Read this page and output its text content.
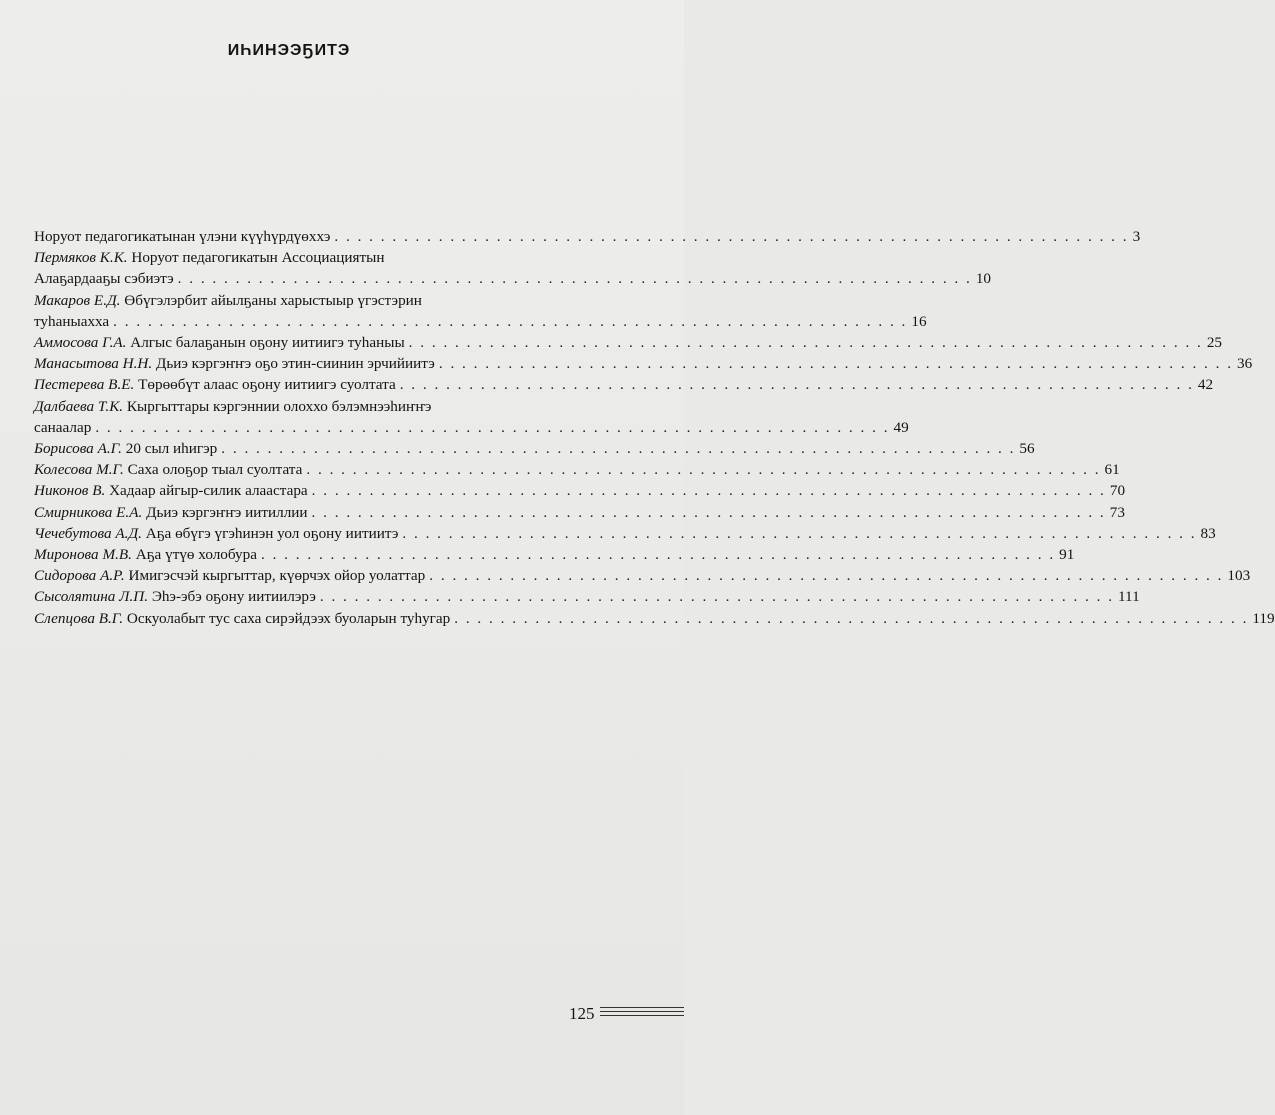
ИҺИНЭЭҔИТЭ
Норуот педагогикатынан үлэни күүһүрдүөххэ . . . . . . . . . . . . . . . . . . . . . . . . . . . . . . . . . . . . . . . . . . . . . . . . . . . . . . . . . . . . . . . . . . . . . 3
Пермяков К.К. Норуот педагогикатын Ассоциациятын
Алаҕардааҕы сэбиэтэ . . . . . . . . . . . . . . . . . . . . . . . . . . . . . . . . . . . . . . . . . . . . . . . . . . . . . . . . . . . . . . . . . . . . . 10
Макаров Е.Д. Өбүгэлэрбит айылҕаны харыстыыр үгэстэрин
туһаныахха . . . . . . . . . . . . . . . . . . . . . . . . . . . . . . . . . . . . . . . . . . . . . . . . . . . . . . . . . . . . . . . . . . . . . 16
Аммосова Г.А. Алгыс балаҕанын оҕону иитиигэ туһаныы . . . . . . . . . . . . . . . . . . . . . . . . . . . . . . . . . . . . . . . . . . . . . . . . . . . . . . . . . . . . . . . . . . . . . 25
Манасытова Н.Н. Дьиэ кэргэҥҥэ оҕо этин-сиинин эрчийиитэ . . . . . . . . . . . . . . . . . . . . . . . . . . . . . . . . . . . . . . . . . . . . . . . . . . . . . . . . . . . . . . . . . . . . . 36
Пестерева В.Е. Төрөөбүт алаас оҕону иитиигэ суолтата . . . . . . . . . . . . . . . . . . . . . . . . . . . . . . . . . . . . . . . . . . . . . . . . . . . . . . . . . . . . . . . . . . . . . 42
Далбаева Т.К. Кыргыттары кэргэннии олоххо бэлэмнээһиҥҥэ
санаалар . . . . . . . . . . . . . . . . . . . . . . . . . . . . . . . . . . . . . . . . . . . . . . . . . . . . . . . . . . . . . . . . . . . . . 49
Борисова А.Г. 20 сыл иһигэр . . . . . . . . . . . . . . . . . . . . . . . . . . . . . . . . . . . . . . . . . . . . . . . . . . . . . . . . . . . . . . . . . . . . . 56
Колесова М.Г. Саха олоҕор тыал суолтата . . . . . . . . . . . . . . . . . . . . . . . . . . . . . . . . . . . . . . . . . . . . . . . . . . . . . . . . . . . . . . . . . . . . . 61
Никонов В. Хадаар айгыр-силик алаастара . . . . . . . . . . . . . . . . . . . . . . . . . . . . . . . . . . . . . . . . . . . . . . . . . . . . . . . . . . . . . . . . . . . . . 70
Смирникова Е.А. Дьиэ кэргэҥҥэ иитиллии . . . . . . . . . . . . . . . . . . . . . . . . . . . . . . . . . . . . . . . . . . . . . . . . . . . . . . . . . . . . . . . . . . . . . 73
Чечебутова А.Д. Аҕа өбүгэ үгэһинэн уол оҕону иитиитэ . . . . . . . . . . . . . . . . . . . . . . . . . . . . . . . . . . . . . . . . . . . . . . . . . . . . . . . . . . . . . . . . . . . . . 83
Миронова М.В. Аҕа үтүө холобура . . . . . . . . . . . . . . . . . . . . . . . . . . . . . . . . . . . . . . . . . . . . . . . . . . . . . . . . . . . . . . . . . . . . . 91
Сидорова А.Р. Имигэсчэй кыргыттар, күөрчэх ойор уолаттар . . . . . . . . . . . . . . . . . . . . . . . . . . . . . . . . . . . . . . . . . . . . . . . . . . . . . . . . . . . . . . . . . . . . . 103
Сысолятина Л.П. Эһэ-эбэ оҕону иитиилэрэ . . . . . . . . . . . . . . . . . . . . . . . . . . . . . . . . . . . . . . . . . . . . . . . . . . . . . . . . . . . . . . . . . . . . . 111
Слепцова В.Г. Оскуолабыт тус саха сирэйдээх буоларын туһугар . . . . . . . . . . . . . . . . . . . . . . . . . . . . . . . . . . . . . . . . . . . . . . . . . . . . . . . . . . . . . . . . . . . . . 119
125
